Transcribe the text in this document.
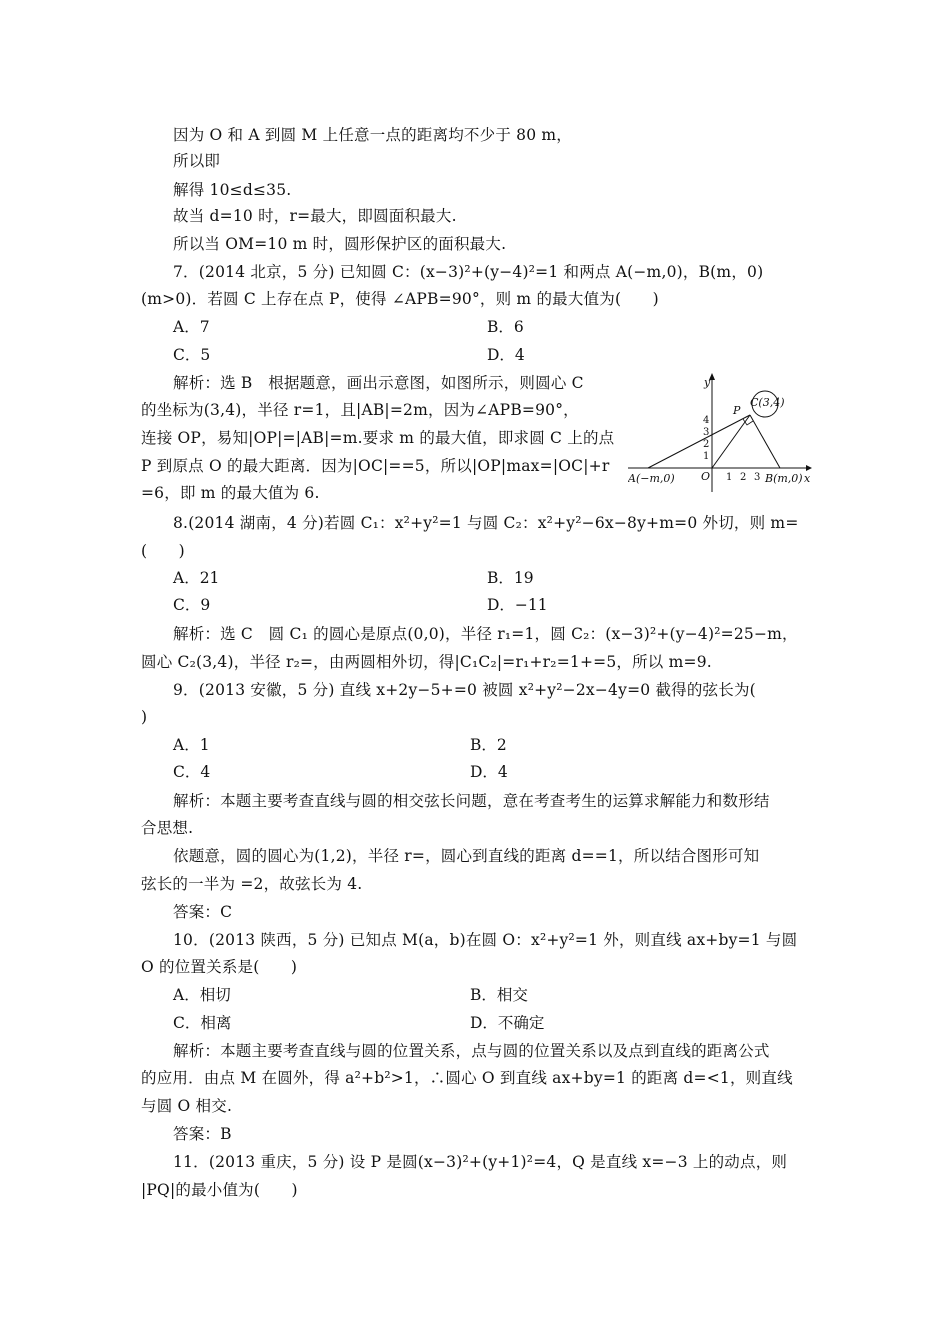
因为 O 和 A 到圆 M 上任意一点的距离均不少于 80 m，
所以即
解得 10≤d≤35.
故当 d=10 时，r=最大，即圆面积最大.
所以当 OM=10 m 时，圆形保护区的面积最大.
7．(2014 北京，5 分) 已知圆 C：(x−3)²+(y−4)²=1 和两点 A(−m,0)，B(m，0)
(m>0)．若圆 C 上存在点 P，使得 ∠APB=90°，则 m 的最大值为(　　)
A．7	B．6
C．5	D．4
解析：选 B　根据题意，画出示意图，如图所示，则圆心 C
的坐标为(3,4)，半径 r=1，且|AB|=2m，因为∠APB=90°，
连接 OP，易知|OP|=|AB|=m.要求 m 的最大值，即求圆 C 上的点
P 到原点 O 的最大距离．因为|OC|==5，所以|OP|max=|OC|+r
=6，即 m 的最大值为 6.
y
x
O
1
2
3
4
1 2 3
C(3,4)
P
A(−m,0)	B(m,0)
8.(2014 湖南，4 分)若圆 C₁：x²+y²=1 与圆 C₂：x²+y²−6x−8y+m=0 外切，则 m=
(　　)
A．21	B．19
C．9	D．−11
解析：选 C　圆 C₁ 的圆心是原点(0,0)，半径 r₁=1，圆 C₂：(x−3)²+(y−4)²=25−m，
圆心 C₂(3,4)，半径 r₂=，由两圆相外切，得|C₁C₂|=r₁+r₂=1+=5，所以 m=9.
9．(2013 安徽，5 分) 直线 x+2y−5+=0 被圆 x²+y²−2x−4y=0 截得的弦长为(
)
A．1	B．2
C．4	D．4
解析：本题主要考查直线与圆的相交弦长问题，意在考查考生的运算求解能力和数形结
合思想.
依题意，圆的圆心为(1,2)，半径 r=，圆心到直线的距离 d==1，所以结合图形可知
弦长的一半为 =2，故弦长为 4.
答案：C
10．(2013 陕西，5 分) 已知点 M(a，b)在圆 O：x²+y²=1 外，则直线 ax+by=1 与圆
O 的位置关系是(　　)
A．相切	B．相交
C．相离	D．不确定
解析：本题主要考查直线与圆的位置关系，点与圆的位置关系以及点到直线的距离公式
的应用．由点 M 在圆外，得 a²+b²>1，∴圆心 O 到直线 ax+by=1 的距离 d=<1，则直线
与圆 O 相交.
答案：B
11．(2013 重庆，5 分) 设 P 是圆(x−3)²+(y+1)²=4，Q 是直线 x=−3 上的动点，则
|PQ|的最小值为(　　)
